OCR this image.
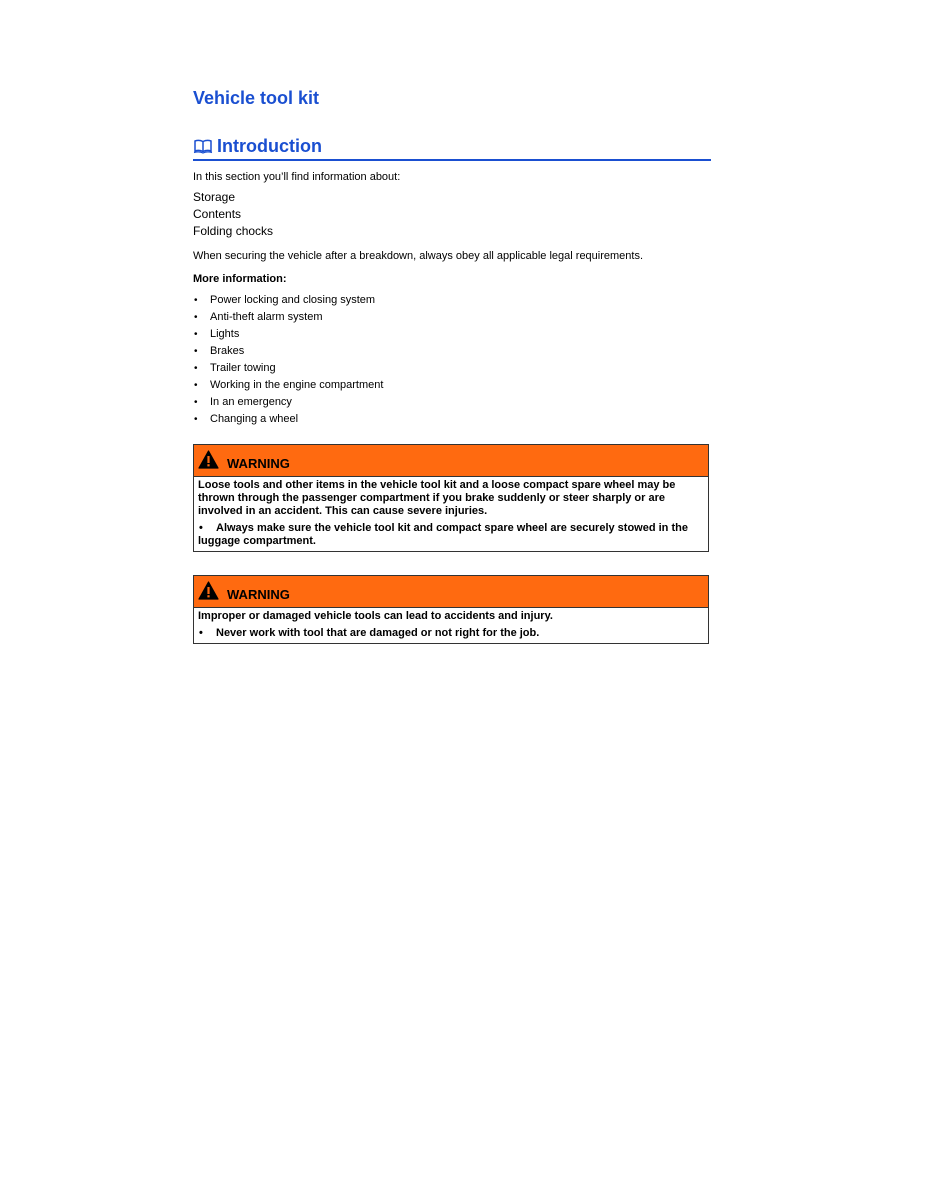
Vehicle tool kit
Introduction
In this section you’ll find information about:
Storage
Contents
Folding chocks
When securing the vehicle after a breakdown, always obey all applicable legal requirements.
More information:
• Power locking and closing system
• Anti-theft alarm system
• Lights
• Brakes
• Trailer towing
• Working in the engine compartment
• In an emergency
• Changing a wheel
WARNING

Loose tools and other items in the vehicle tool kit and a loose compact spare wheel may be thrown through the passenger compartment if you brake suddenly or steer sharply or are involved in an accident. This can cause severe injuries.

• Always make sure the vehicle tool kit and compact spare wheel are securely stowed in the luggage compartment.

WARNING

Improper or damaged vehicle tools can lead to accidents and injury.

• Never work with tool that are damaged or not right for the job.
